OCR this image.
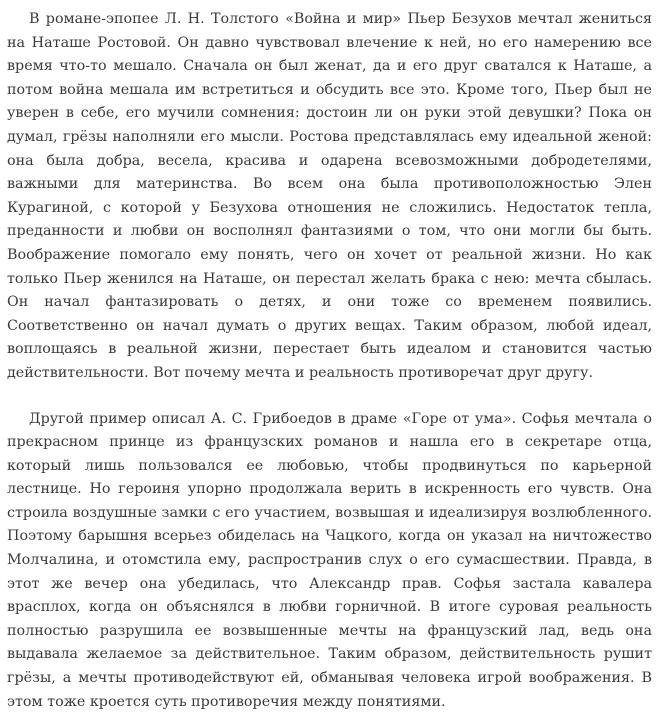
В романе-эпопее Л. Н. Толстого «Война и мир» Пьер Безухов мечтал жениться на Наташе Ростовой. Он давно чувствовал влечение к ней, но его намерению все время что-то мешало. Сначала он был женат, да и его друг сватался к Наташе, а потом война мешала им встретиться и обсудить все это. Кроме того, Пьер был не уверен в себе, его мучили сомнения: достоин ли он руки этой девушки? Пока он думал, грёзы наполняли его мысли. Ростова представлялась ему идеальной женой: она была добра, весела, красива и одарена всевозможными добродетелями, важными для материнства. Во всем она была противоположностью Элен Курагиной, с которой у Безухова отношения не сложились. Недостаток тепла, преданности и любви он восполнял фантазиями о том, что они могли бы быть. Воображение помогало ему понять, чего он хочет от реальной жизни. Но как только Пьер женился на Наташе, он перестал желать брака с нею: мечта сбылась. Он начал фантазировать о детях, и они тоже со временем появились. Соответственно он начал думать о других вещах. Таким образом, любой идеал, воплощаясь в реальной жизни, перестает быть идеалом и становится частью действительности. Вот почему мечта и реальность противоречат друг другу.

Другой пример описал А. С. Грибоедов в драме «Горе от ума». Софья мечтала о прекрасном принце из французских романов и нашла его в секретаре отца, который лишь пользовался ее любовью, чтобы продвинуться по карьерной лестнице. Но героиня упорно продолжала верить в искренность его чувств. Она строила воздушные замки с его участием, возвышая и идеализируя возлюбленного. Поэтому барышня всерьез обиделась на Чацкого, когда он указал на ничтожество Молчалина, и отомстила ему, распространив слух о его сумасшествии. Правда, в этот же вечер она убедилась, что Александр прав. Софья застала кавалера врасплох, когда он объяснялся в любви горничной. В итоге суровая реальность полностью разрушила ее возвышенные мечты на французский лад, ведь она выдавала желаемое за действительное. Таким образом, действительность рушит грёзы, а мечты противодействуют ей, обманывая человека игрой воображения. В этом тоже кроется суть противоречия между понятиями.
